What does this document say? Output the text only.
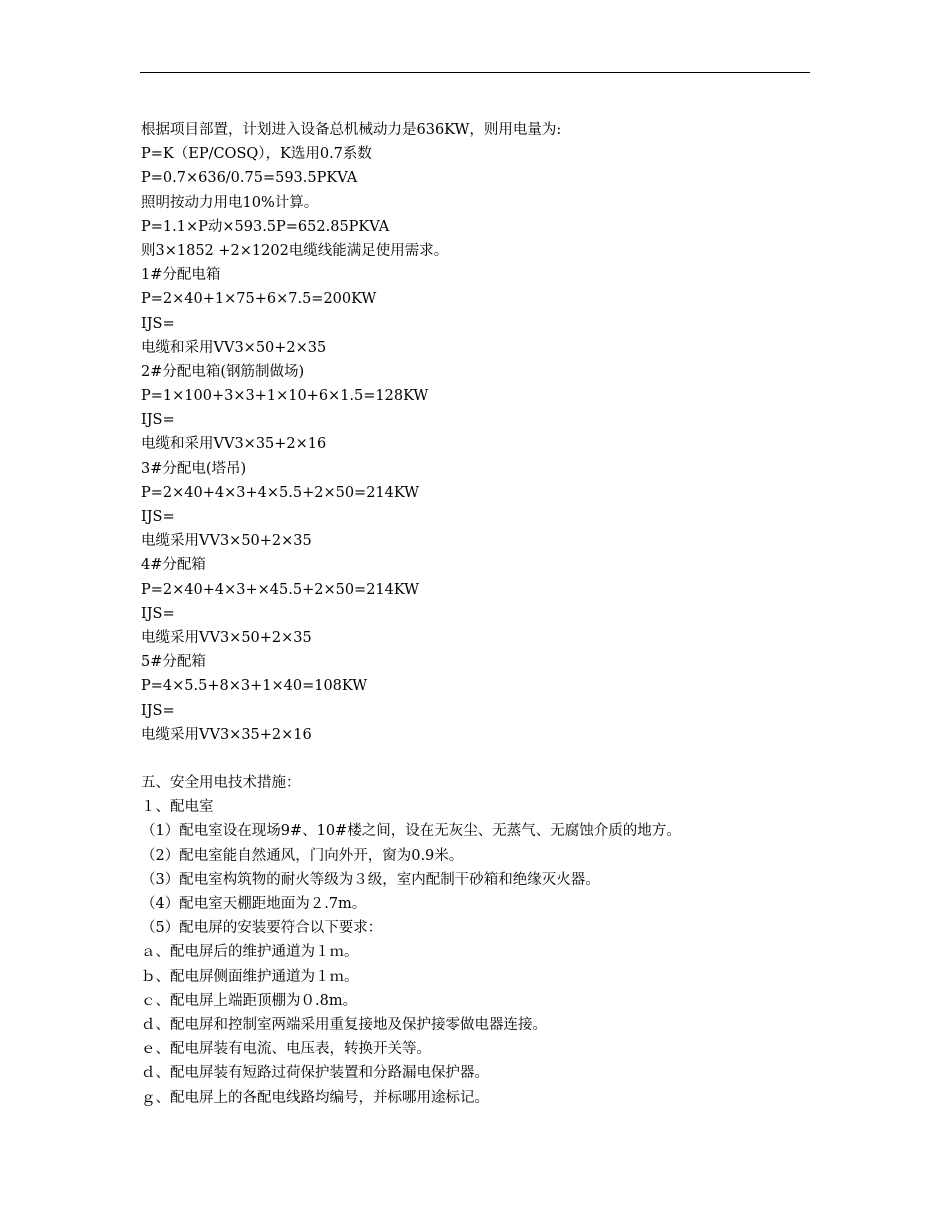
根据项目部置，计划进入设备总机械动力是636KW，则用电量为:
P=K（EP/COSQ），K选用0.7系数
P=0.7×636/0.75=593.5PKVA
照明按动力用电10%计算。
P=1.1×P动×593.5P=652.85PKVA
则3×1852 +2×1202电缆线能满足使用需求。
1#分配电箱
P=2×40+1×75+6×7.5=200KW
IJS=
电缆和采用VV3×50+2×35
2#分配电箱(钢筋制做场)
P=1×100+3×3+1×10+6×1.5=128KW
IJS=
电缆和采用VV3×35+2×16
3#分配电(塔吊)
P=2×40+4×3+4×5.5+2×50=214KW
IJS=
电缆采用VV3×50+2×35
4#分配箱
P=2×40+4×3+×45.5+2×50=214KW
IJS=
电缆采用VV3×50+2×35
5#分配箱
P=4×5.5+8×3+1×40=108KW
IJS=
电缆采用VV3×35+2×16
五、安全用电技术措施：
１、配电室
（1）配电室设在现场9#、10#楼之间，设在无灰尘、无蒸气、无腐蚀介质的地方。
（2）配电室能自然通风，门向外开，窗为0.9米。
（3）配电室构筑物的耐火等级为３级，室内配制干砂箱和绝缘灭火器。
（4）配电室天棚距地面为２.7m。
（5）配电屏的安装要符合以下要求：
ａ、配电屏后的维护通道为１ｍ。
ｂ、配电屏侧面维护通道为１ｍ。
ｃ、配电屏上端距顶棚为０.8m。
ｄ、配电屏和控制室两端采用重复接地及保护接零做电器连接。
ｅ、配电屏装有电流、电压表，转换开关等。
ｄ、配电屏装有短路过荷保护装置和分路漏电保护器。
ｇ、配电屏上的各配电线路均编号，并标哪用途标记。
